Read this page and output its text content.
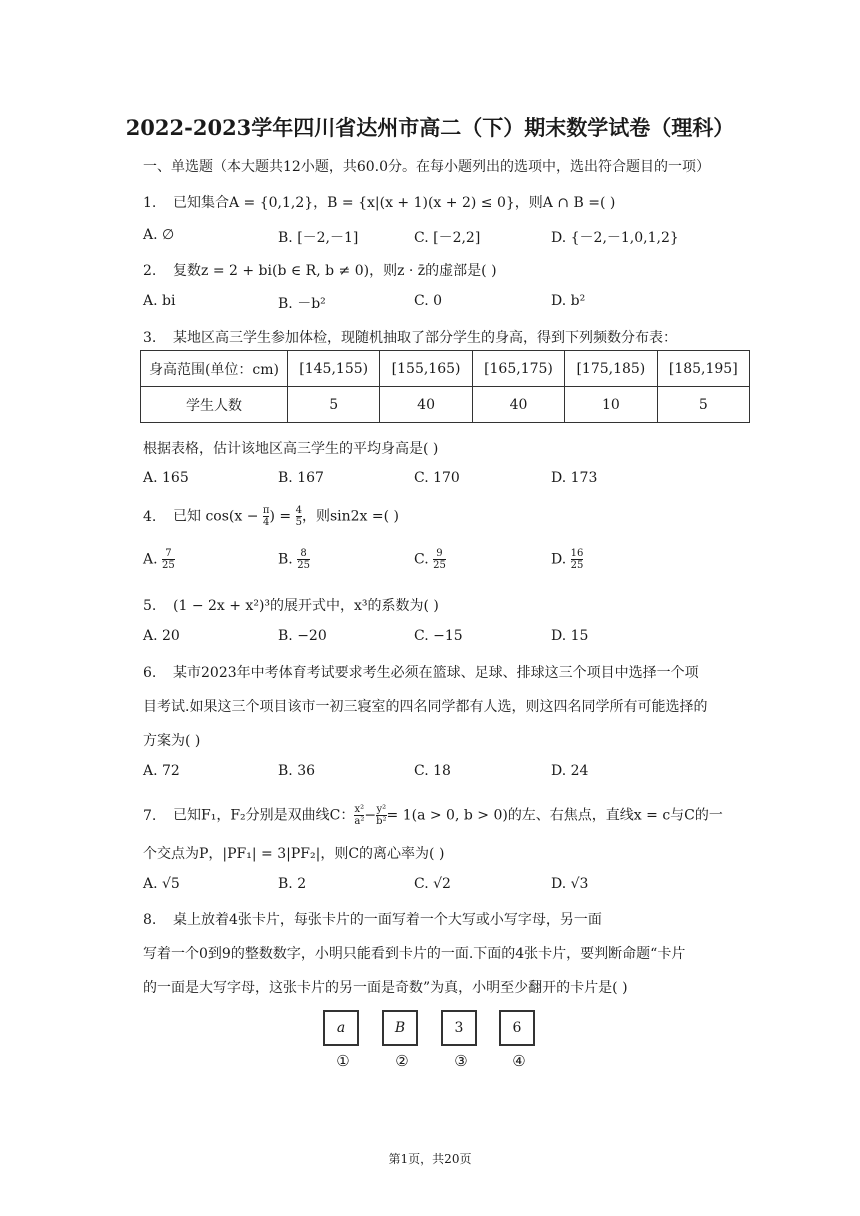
2022-2023学年四川省达州市高二（下）期末数学试卷（理科）
一、单选题（本大题共12小题，共60.0分。在每小题列出的选项中，选出符合题目的一项）
1. 已知集合A = {0,1,2}，B = {x|(x + 1)(x + 2) ≤ 0}，则A ∩ B =( )
A. ∅	B. [－2,－1]	C. [－2,2]	D. {－2,－1,0,1,2}
2. 复数z = 2 + bi(b ∈ R, b ≠ 0)，则z · z̄的虚部是( )
A. bi	B. －b²	C. 0	D. b²
3. 某地区高三学生参加体检，现随机抽取了部分学生的身高，得到下列频数分布表：
身高范围(单位：cm)	[145,155)	[155,165)	[165,175)	[175,185)	[185,195]
学生人数	5	40	40	10	5
根据表格，估计该地区高三学生的平均身高是( )
A. 165	B. 167	C. 170	D. 173
4. 已知 $\cos(x - \frac{\pi}{4}$ ) = $\frac{4}{5}$ ，则sin2x =( )
A. $\frac{7}{25}$	B. $\frac{8}{25}$	C. $\frac{9}{25}$	D. $\frac{16}{25}$
5. (1 − 2x + x²)³的展开式中，x³的系数为( )
A. 20	B. −20	C. −15	D. 15
6. 某市2023年中考体育考试要求考生必须在篮球、足球、排球这三个项目中选择一个项
目考试.如果这三个项目该市一初三寝室的四名同学都有人选，则这四名同学所有可能选择的
方案为( )
A. 72	B. 36	C. 18	D. 24
7. 已知F₁，F₂分别是双曲线C： $\frac{\text{x²}}{\text{a²}} - \frac{\text{y²}}{\text{b²}} = 1(a > 0$, b > 0)的左、右焦点，直线x = c与C的一
个交点为P，|PF₁| = 3|PF₂|，则C的离心率为( )
A. √5	B. 2	C. √2	D. √3
8. 桌上放着4张卡片，每张卡片的一面写着一个大写或小写字母，另一面
写着一个0到9的整数数字，小明只能看到卡片的一面.下面的4张卡片，要判断命题“卡片
的一面是大写字母，这张卡片的另一面是奇数”为真，小明至少翻开的卡片是( )
a	B	3	6
①	②	③	④
第1页，共20页
